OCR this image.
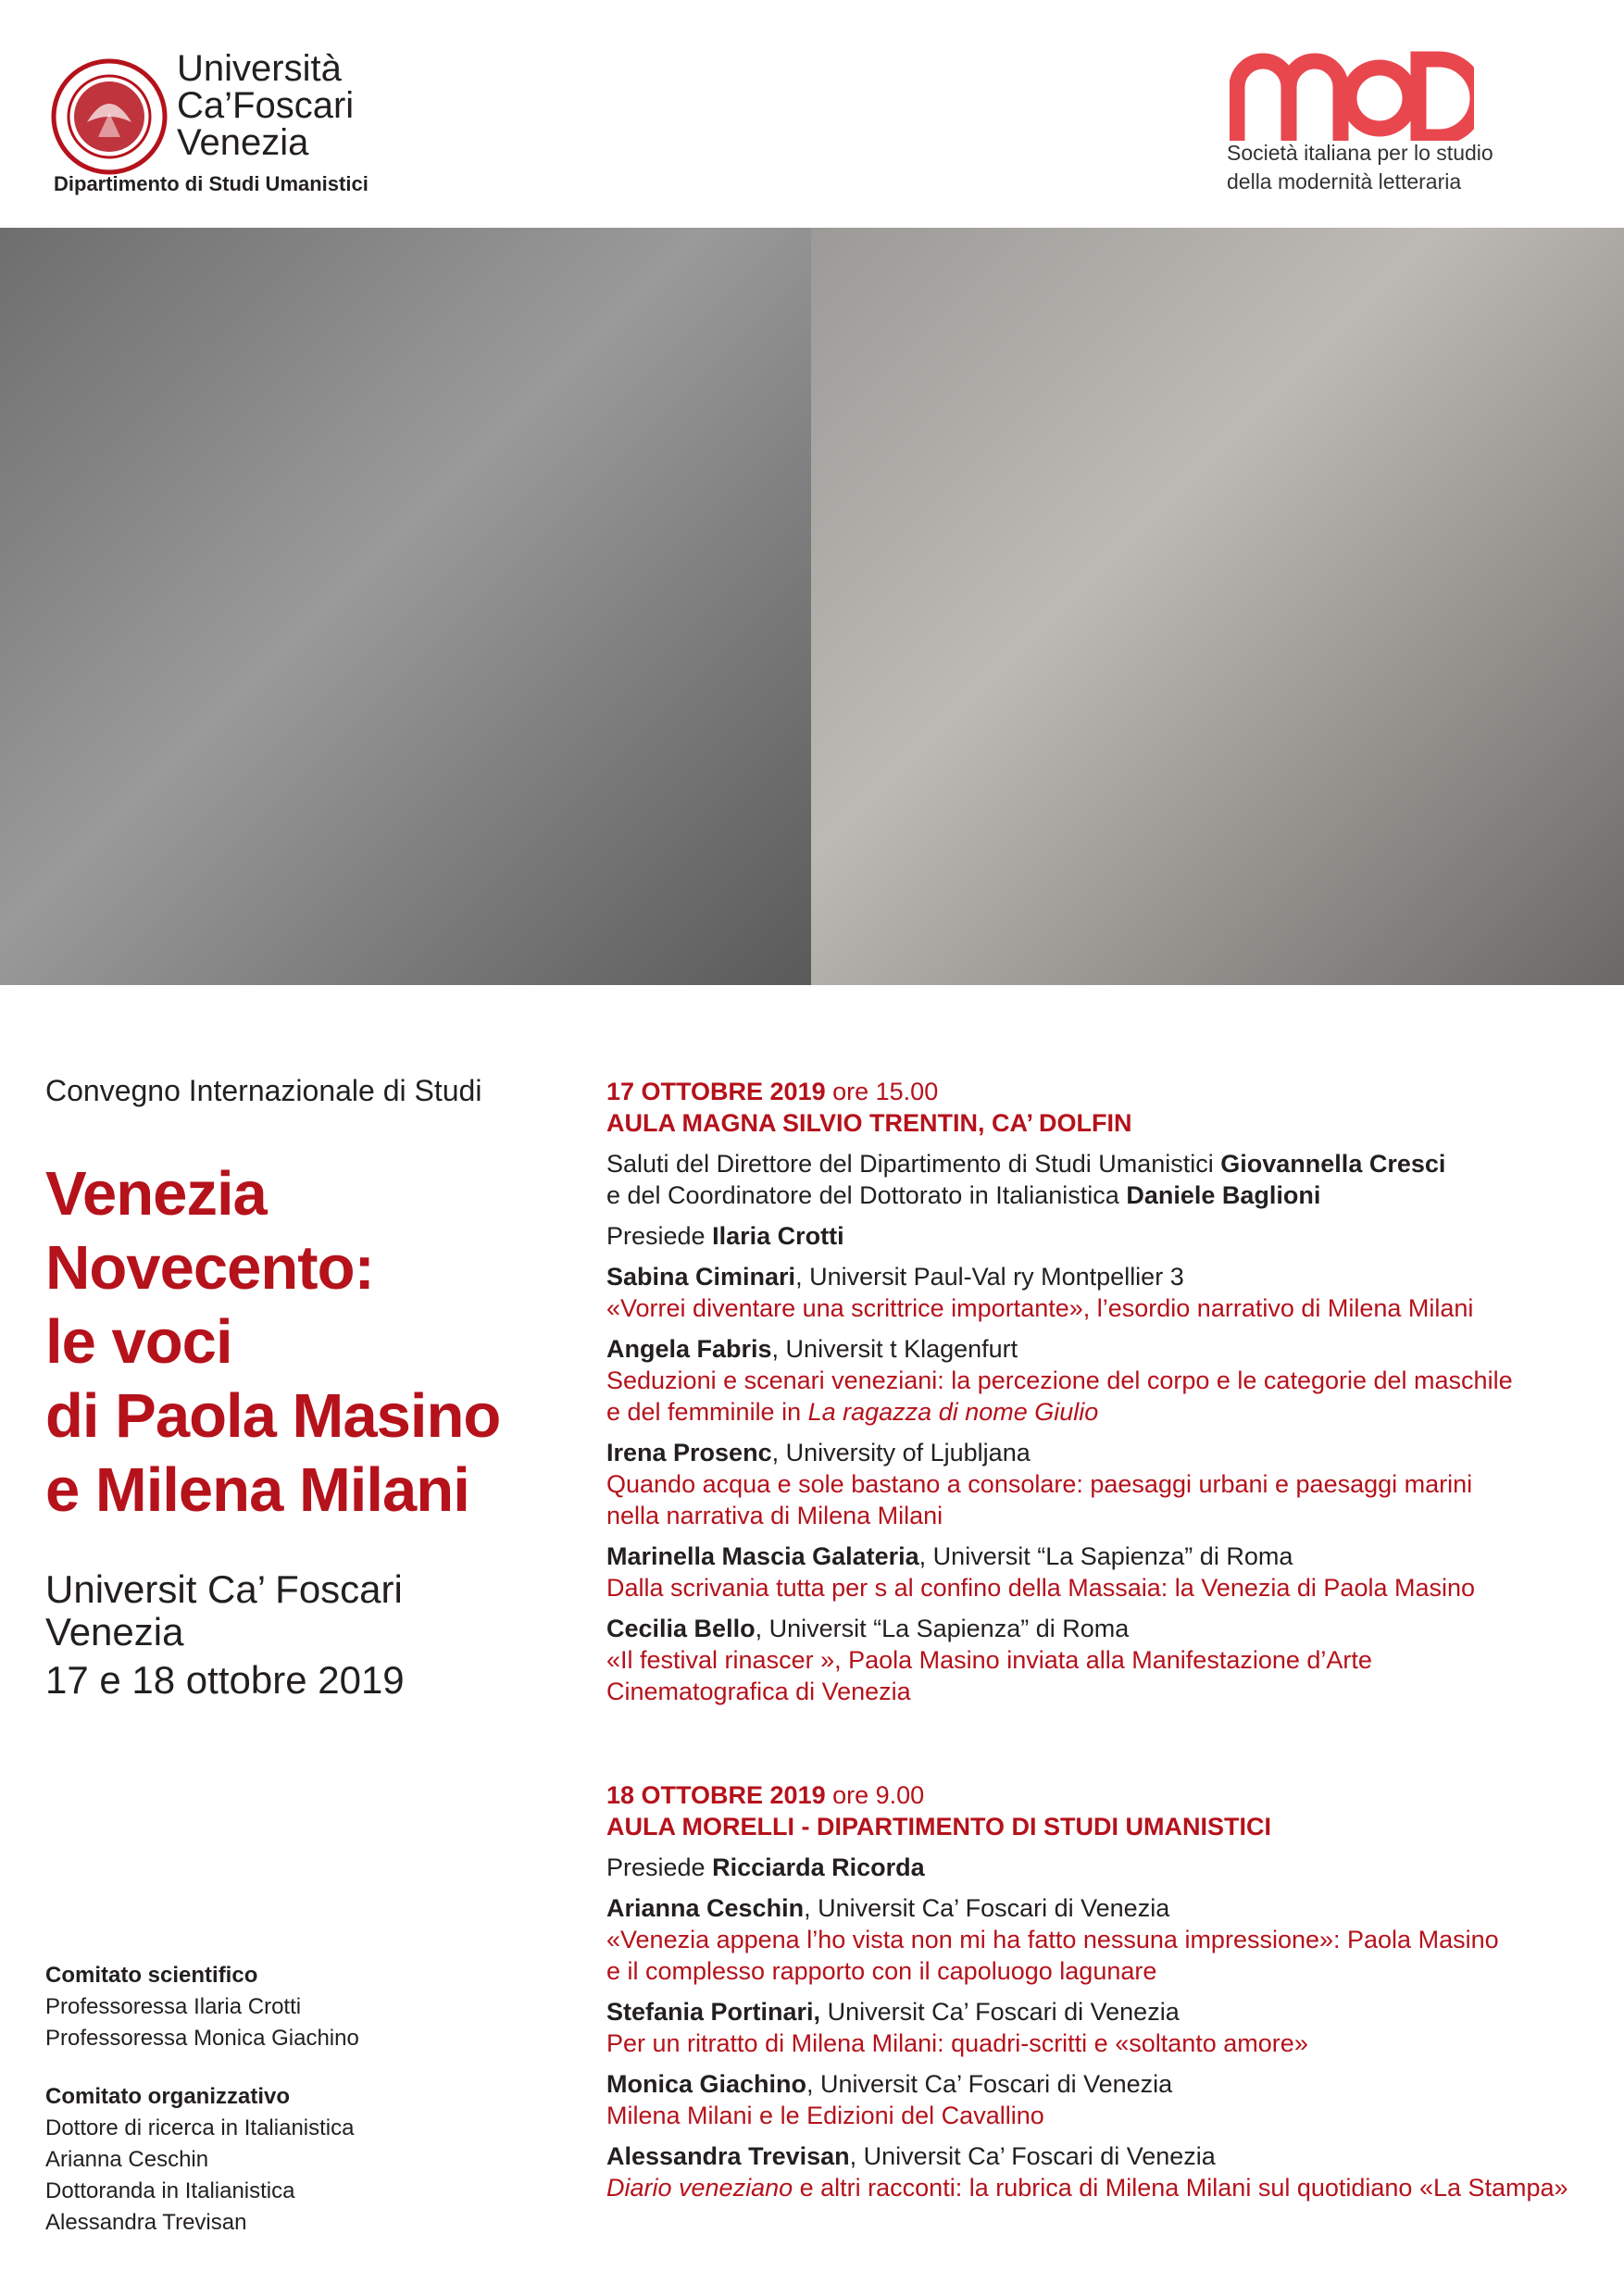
Università
Ca’Foscari
Venezia
Dipartimento di Studi Umanistici
Società italiana per lo studio
della modernità letteraria
Convegno Internazionale di Studi
Venezia
Novecento:
le voci
di Paola Masino
e Milena Milani
Universit Ca’ Foscari
Venezia
17 e 18 ottobre 2019
Comitato scientifico
Professoressa Ilaria Crotti
Professoressa Monica Giachino
Comitato organizzativo
Dottore di ricerca in Italianistica
Arianna Ceschin
Dottoranda in Italianistica
Alessandra Trevisan
17 OTTOBRE 2019 ore 15.00
AULA MAGNA SILVIO TRENTIN, CA’ DOLFIN
Saluti del Direttore del Dipartimento di Studi Umanistici Giovannella Cresci
e del Coordinatore del Dottorato in Italianistica Daniele Baglioni
Presiede Ilaria Crotti
Sabina Ciminari, Universit Paul-Val ry Montpellier 3
«Vorrei diventare una scrittrice importante», l’esordio narrativo di Milena Milani
Angela Fabris, Universit t Klagenfurt
Seduzioni e scenari veneziani: la percezione del corpo e le categorie del maschile
e del femminile in La ragazza di nome Giulio
Irena Prosenc, University of Ljubljana
Quando acqua e sole bastano a consolare: paesaggi urbani e paesaggi marini
nella narrativa di Milena Milani
Marinella Mascia Galateria, Universit “La Sapienza” di Roma
Dalla scrivania tutta per s al confino della Massaia: la Venezia di Paola Masino
Cecilia Bello, Universit “La Sapienza” di Roma
«Il festival rinascer », Paola Masino inviata alla Manifestazione d’Arte
Cinematografica di Venezia
18 OTTOBRE 2019 ore 9.00
AULA MORELLI - DIPARTIMENTO DI STUDI UMANISTICI
Presiede Ricciarda Ricorda
Arianna Ceschin, Universit Ca’ Foscari di Venezia
«Venezia appena l’ho vista non mi ha fatto nessuna impressione»: Paola Masino
e il complesso rapporto con il capoluogo lagunare
Stefania Portinari, Universit Ca’ Foscari di Venezia
Per un ritratto di Milena Milani: quadri-scritti e «soltanto amore»
Monica Giachino, Universit Ca’ Foscari di Venezia
Milena Milani e le Edizioni del Cavallino
Alessandra Trevisan, Universit Ca’ Foscari di Venezia
Diario veneziano e altri racconti: la rubrica di Milena Milani sul quotidiano «La Stampa»
